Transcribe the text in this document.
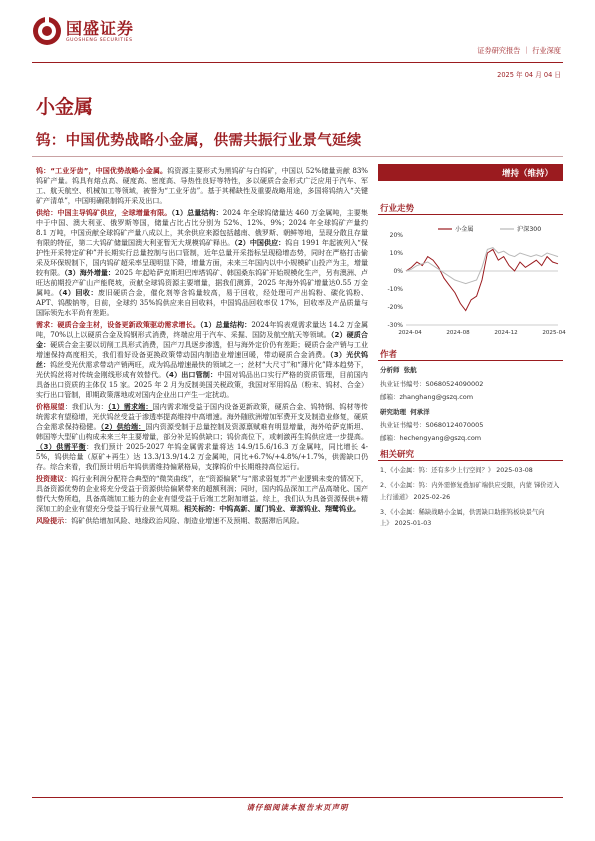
国盛证券
GUOSHENG SECURITIES
证券研究报告 ｜ 行业深度
2025 年 04 月 04 日
小金属
钨：中国优势战略小金属，供需共振行业景气延续

钨：“工业牙齿”，中国优势战略小金属。钨资源主要形式为黑钨矿与白钨矿，中国以 52%储量贡献 83%钨矿产量。钨具有熔点高、硬度高、密度高、导热性良好等特性，多以硬质合金形式广泛应用于汽车、军工、航天航空、机械加工等领域，被誉为“工业牙齿”。基于其稀缺性及重要战略用途，多国将钨纳入“关键矿产清单”，中国明确限制钨开采及出口。

供给：中国主导钨矿供应，全球增量有限。（1）总量结构：2024 年全球钨储量达 460 万金属吨，主要集中于中国、澳大利亚、俄罗斯等国，储量占比占比分别为 52%、12%、9%；2024 年全球钨矿产量约 8.1 万吨，中国贡献全球钨矿产量八成以上，其余供应来源包括越南、俄罗斯、朝鲜等地，呈现分散且存量有限的特征，第二大钨矿储量国澳大利亚暂无大规模钨矿释出。（2）中国供应：钨自 1991 年起被列入“保护性开采特定矿种”并长期实行总量控制与出口管制，近年总量开采指标呈现稳增态势，同时在严格打击偷采及环保规制下，国内钨矿超采率呈现明显下降，增量方面，未来三年国内以中小规模矿山投产为主，增量较有限。（3）海外增量：2025 年起哈萨克斯坦巴库塔钨矿、韩国桑东钨矿开始规模化生产，另有澳洲、卢旺达前期投产矿山产能爬坡，贡献全球钨资源主要增量，据我们测算，2025 年海外钨矿增量达0.55 万金属吨。（4）回收：废旧硬质合金，催化剂等含钨量较高，易于回收，经处理可产出钨粉、碳化钨粉、APT、钨酸钠等，目前，全球约 35%钨供应来自回收料，中国钨品回收率仅 17%，回收率及产品质量与国际领先水平尚有差距。

需求：硬质合金主材，设备更新政策驱动需求增长。（1）总量结构：2024年钨表观需求量达 14.2 万金属吨，70%以上以硬质合金及钨钢形式消费，终端应用于汽车、采掘、国防及航空航天等领域。（2）硬质合金：硬质合金主要以切削工具形式消费，国产刀具逐步渗透，但与海外定价仍有差距；硬质合金产销与工业增速保持高度相关，我们看好设备更换政策带动国内制造业增速回暖，带动硬质合金消费。（3）光伏钨丝：钨丝受光伏需求带动产销两旺，成为钨品增速最快的领域之一；丝材“大尺寸”和“薄片化”降本趋势下，光伏钨丝将对传统金刚线形成有效替代。（4）出口管制：中国对钨品出口实行严格的资质管理，目前国内具备出口资质的主体仅 15 家。2025 年 2 月为反制美国关税政策，我国对军用钨品（粉末、钨材、合金）实行出口管制，即期政策落地或对国内企业出口产生一定扰动。

价格展望：我们认为：（1）需求端：国内需求端受益于国内设备更新政策，硬质合金、钨特钢、钨材等传统需求有望稳增，光伏钨丝受益于渗透率提高维持中高增速。海外随欧洲增加军费开支及制造业修复，硬质合金需求保持稳健。（2）供给端：国内资源受制于总量控制及资源禀赋难有明显增量，海外哈萨克斯坦、韩国等大型矿山构成未来三年主要增量，部分补足钨供缺口；钨价高位下，或刺激再生钨供应进一步提高。（3）供需平衡：我们预计 2025-2027 年钨金属需求量将达 14.9/15.6/16.3 万金属吨，同比增长 4-5%，钨供给量（原矿+再生）达 13.3/13.9/14.2 万金属吨，同比+6.7%/+4.8%/+1.7%，供需缺口仍存。综合来看，我们预计明后年钨供需维持偏紧格局，支撑钨价中长期维持高位运行。

投资建议：钨行业利润分配符合典型的“微笑曲线”，在“资源偏紧”与“需求弱复苏”产业逻辑未变的情况下，具备资源优势的企业将充分受益于资源供给偏紧带来的超额利润；同时，国内钨品深加工产品高端化、国产替代大势所趋，具备高端加工能力的企业有望受益于后端工艺附加增益。综上，我们认为具备资源保供+精深加工的企业有望充分受益于钨行业景气周期。相关标的：中钨高新、厦门钨业、章源钨业、翔鹭钨业。

风险提示：钨矿供给增加风险、地缘政治风险、制造业增速不及预期、数据滞后风险。

增持（维持）
行业走势
20%
10%
0%
-10%
-20%
-30%
2024-04	2024-08	2024-12	2025-04
小金属	沪深300
作者
分析师 张航
执业证书编号：S0680524090002
邮箱：zhanghang@gszq.com
研究助理 何承洋
执业证书编号：S0680124070005
邮箱：hechengyang@gszq.com
相关研究
1、《小金属：钨：还有多少上行空间？》 2025-03-08
2、《小金属：钨：内外需修复叠加矿端供应受限，内蒙 锑价迈入上行通道》 2025-02-26
3、《小金属：稀缺战略小金属，供需缺口助推钨板块景气向上》 2025-01-03
请仔细阅读本报告末页声明
